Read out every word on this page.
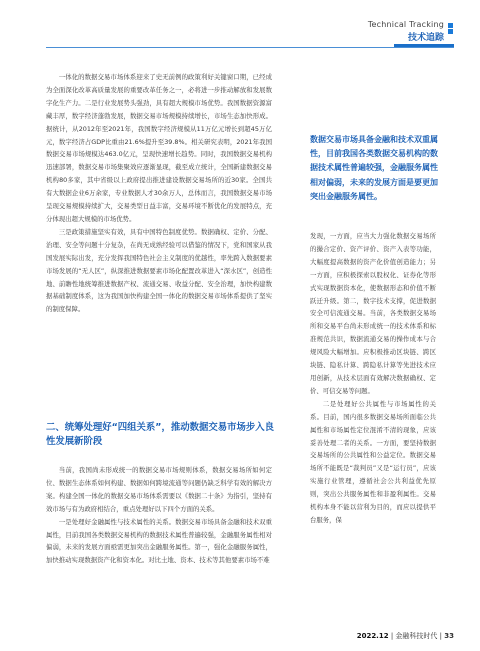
Technical Tracking
技术追踪

一体化的数据交易市场体系迎来了史无前例的政策利好关键窗口期，已经成为全面深化改革高质量发展的重要改革任务之一，必将进一步推动解放和发展数字化生产力。二是行业发展势头强劲，具有超大规模市场优势。我国数据资源富藏丰厚，数字经济蓬勃发展，数据交易市场规模持续增长，市场生态加快形成。据统计，从2012年至2021年，我国数字经济规模从11万亿元增长到超45万亿元，数字经济占GDP比重由21.6%提升至39.8%。相关研究表明，2021年我国数据交易市场规模达463.0亿元，呈现快速增长趋势。同时，我国数据交易机构迅速部署，数据交易市场集聚效应逐渐显现，截至成立统计，全国新建数据交易机构80多家，其中省级以上政府提出推进建设数据交易场所的近30家。全国共有大数据企业6万余家，专业数据人才30余万人，总体而言，我国数据交易市场呈现交易规模持续扩大，交易类型日益丰富，交易环境不断优化的发展特点，充分体现出超大规模的市场优势。

三是政策措施坚实有效，具有中国特色制度优势。数据确权、定价、分配、治理、安全等问题十分复杂，在尚无成熟经验可以借鉴的情况下，党和国家从我国发展实际出发，充分发挥我国特色社会主义制度的优越性，率先跨入数据要素市场发展的“无人区”，纵深推进数据要素市场化配置改革进入“深水区”，创造性地、前瞻性地统筹推进数据产权、流通交易、收益分配、安全治理，加快构建数据基础制度体系，这为我国加快构建全国一体化的数据交易市场体系提供了坚实的制度保障。

二、统筹处理好“四组关系”，推动数据交易市场步入良性发展新阶段

当前，我国尚未形成统一的数据交易市场规则体系，数据交易场所如何定位、数据生态体系如何构建、数据如何跨境流通等问题仍缺乏科学有效的解决方案。构建全国一体化的数据交易市场体系需要以《数据二十条》为指引，坚持有效市场与有为政府相结合，重点处理好以下四个方面的关系。

一是处理好金融属性与技术属性的关系。数据交易市场具备金融和技术双重属性，目前我国各类数据交易机构的数据技术属性普遍较强，金融服务属性相对偏弱，未来的发展方面亟需更加突出金融服务属性。第一，强化金融服务属性，加快推动实现数据资产化和资本化。对比土地、资本、技术等其他要素市场不难

数据交易市场具备金融和技术双重属性，目前我国各类数据交易机构的数据技术属性普遍较强，金融服务属性相对偏弱，未来的发展方面是要更加突出金融服务属性。

发现，一方面，应当大力强化数据交易场所的撮合定价、资产评价、资产入表等功能，大幅度提高数据的资产化价值创造能力；另一方面，应积极探索以股权化、证券化等形式实现数据资本化，使数据形态和价值不断跃迁升级。第二，数字技术支撑，促进数据安全可信流通交易。当前，各类数据交易场所和交易平台尚未形成统一的技术体系和标准规范共识，数据流通交易的操作成本与合规风险大幅增加。应积极推动区块链、跨区块链、隐私计算、跨隐私计算等先进技术应用创新，从技术层面有效解决数据确权、定价、可信交易等问题。

二是处理好公共属性与市场属性的关系。目前，国内很多数据交易场所面临公共属性和市场属性定位混淆不清的现象，应该妥善处理二者的关系。一方面，要坚持数据交易场所的公共属性和公益定位。数据交易场所不能既是“裁判员”又是“运行员”，应该实施行业管理，遵循社会公共利益优先原则，突出公共服务属性和非盈利属性。交易机构本身不能以营利为目的，而应以提供平台服务，保

2022.12 | 金融科技时代 | 33
